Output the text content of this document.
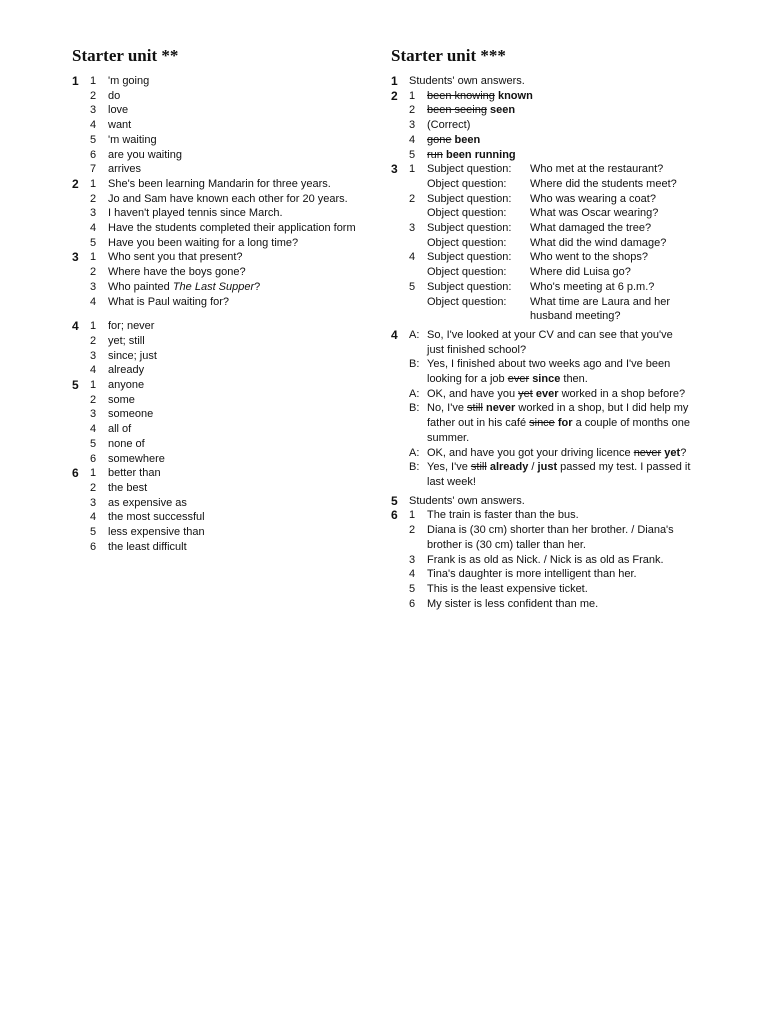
Starter unit **
1	1	'm going
2	do
3	love
4	want
5	'm waiting
6	are you waiting
7	arrives
2	1	She's been learning Mandarin for three years.
2	Jo and Sam have known each other for 20 years.
3	I haven't played tennis since March.
4	Have the students completed their application form
5	Have you been waiting for a long time?
3	1	Who sent you that present?
2	Where have the boys gone?
3	Who painted The Last Supper?
4	What is Paul waiting for?
4	1	for; never
2	yet; still
3	since; just
4	already
5	1	anyone
2	some
3	someone
4	all of
5	none of
6	somewhere
6	1	better than
2	the best
3	as expensive as
4	the most successful
5	less expensive than
6	the least difficult
Starter unit ***
1	Students' own answers.
2	1	been knowing known
2	been seeing seen
3	(Correct)
4	gone been
5	run been running
3	1	Subject question:	Who met at the restaurant?
Object question:	Where did the students meet?
2	Subject question:	Who was wearing a coat?
Object question:	What was Oscar wearing?
3	Subject question:	What damaged the tree?
Object question:	What did the wind damage?
4	Subject question:	Who went to the shops?
Object question:	Where did Luisa go?
5	Subject question:	Who's meeting at 6 p.m.?
Object question:	What time are Laura and her
husband meeting?
4	A: So, I've looked at your CV and can see that you've
just finished school?
B: Yes, I finished about two weeks ago and I've been
looking for a job ever since then.
A: OK, and have you yet ever worked in a shop before?
B: No, I've still never worked in a shop, but I did help my
father out in his café since for a couple of months one
summer.
A: OK, and have you got your driving licence never yet?
B: Yes, I've still already / just passed my test. I passed it
last week!
5	Students' own answers.
6	1	The train is faster than the bus.
2	Diana is (30 cm) shorter than her brother. / Diana's
brother is (30 cm) taller than her.
3	Frank is as old as Nick. / Nick is as old as Frank.
4	Tina's daughter is more intelligent than her.
5	This is the least expensive ticket.
6	My sister is less confident than me.
